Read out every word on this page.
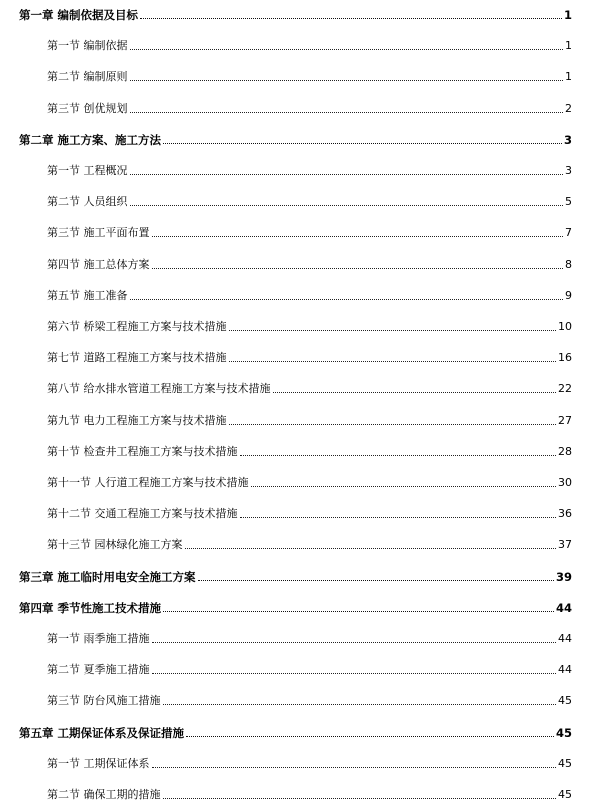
第一章 编制依据及目标	1
第一节 编制依据	1
第二节 编制原则	1
第三节 创优规划	2
第二章 施工方案、施工方法	3
第一节 工程概况	3
第二节 人员组织	5
第三节 施工平面布置	7
第四节 施工总体方案	8
第五节 施工准备	9
第六节 桥梁工程施工方案与技术措施	10
第七节 道路工程施工方案与技术措施	16
第八节 给水排水管道工程施工方案与技术措施	22
第九节 电力工程施工方案与技术措施	27
第十节 检查井工程施工方案与技术措施	28
第十一节 人行道工程施工方案与技术措施	30
第十二节 交通工程施工方案与技术措施	36
第十三节 园林绿化施工方案	37
第三章 施工临时用电安全施工方案	39
第四章 季节性施工技术措施	44
第一节 雨季施工措施	44
第二节 夏季施工措施	44
第三节 防台风施工措施	45
第五章 工期保证体系及保证措施	45
第一节 工期保证体系	45
第二节 确保工期的措施	45
